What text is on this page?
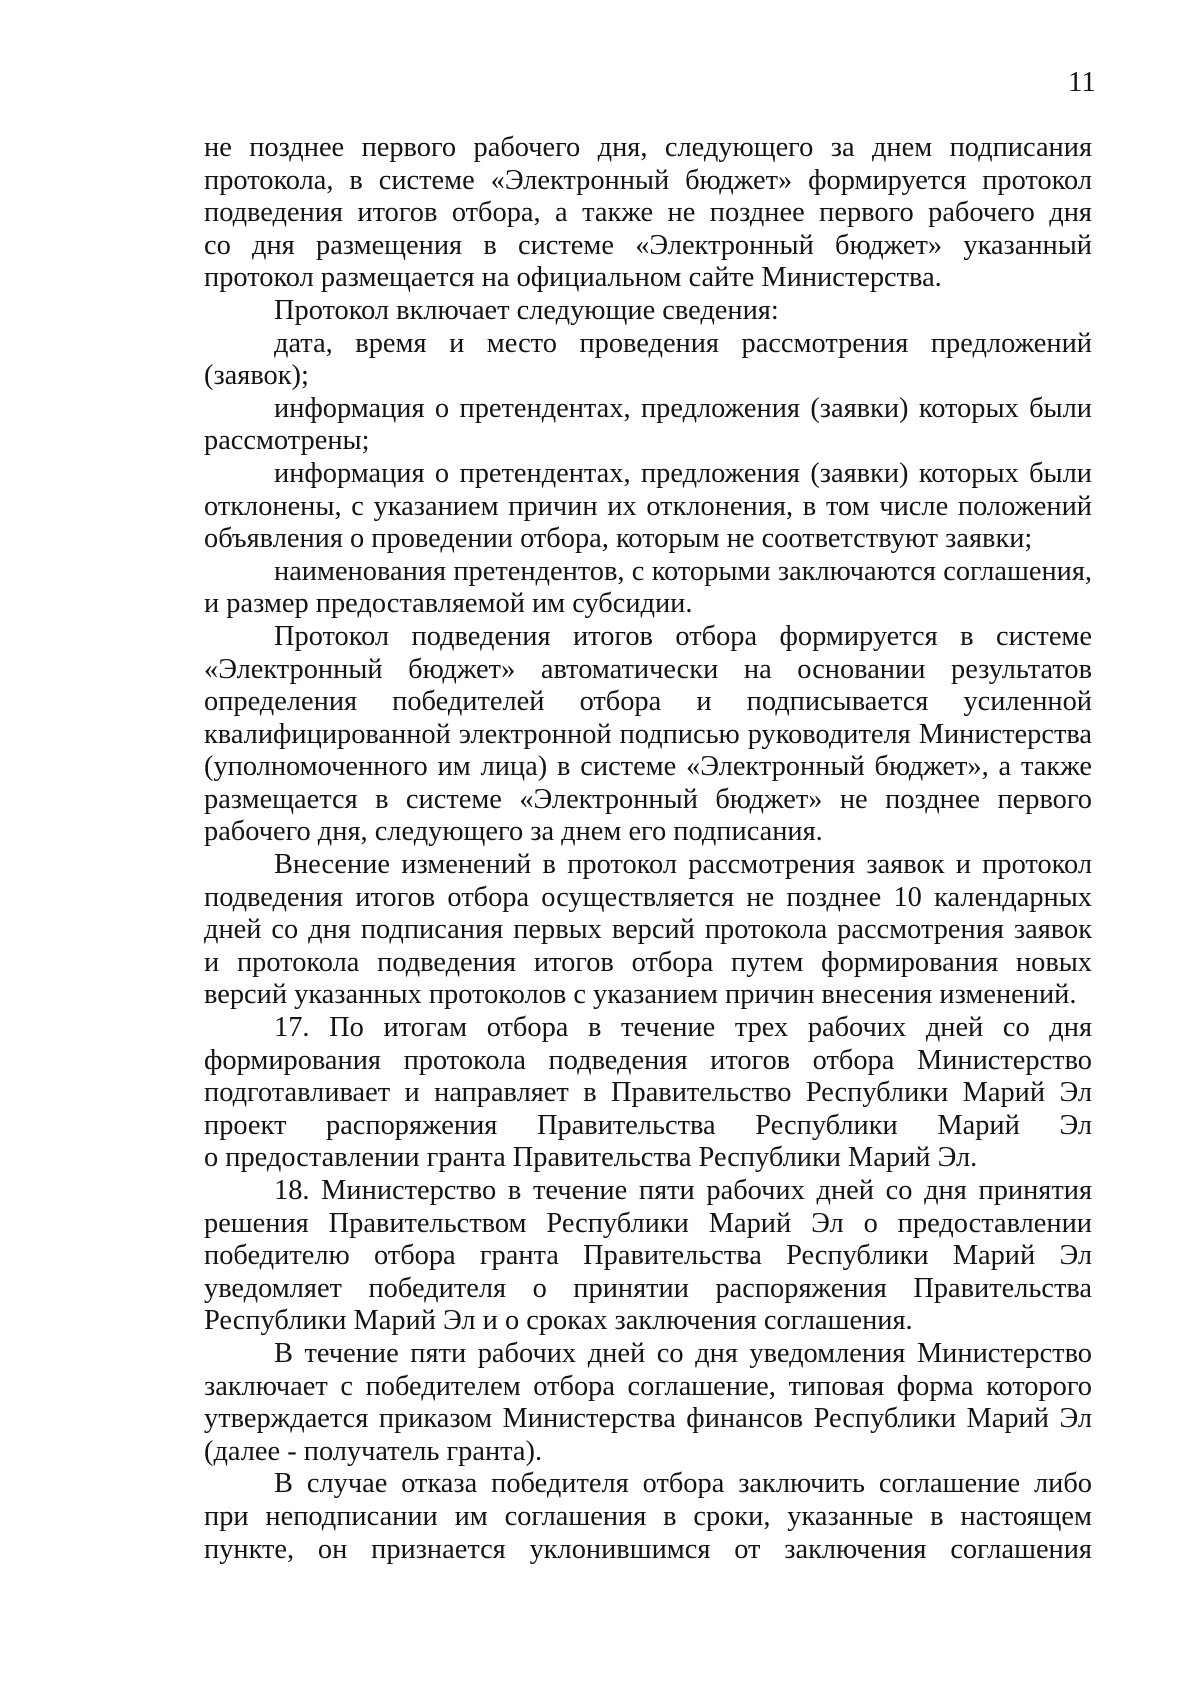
11
не позднее первого рабочего дня, следующего за днем подписания
протокола, в системе «Электронный бюджет» формируется протокол
подведения итогов отбора, а также не позднее первого рабочего дня
со дня размещения в системе «Электронный бюджет» указанный
протокол размещается на официальном сайте Министерства.
Протокол включает следующие сведения:
дата, время и место проведения рассмотрения предложений
(заявок);
информация о претендентах, предложения (заявки) которых были
рассмотрены;
информация о претендентах, предложения (заявки) которых были
отклонены, с указанием причин их отклонения, в том числе положений
объявления о проведении отбора, которым не соответствуют заявки;
наименования претендентов, с которыми заключаются соглашения,
и размер предоставляемой им субсидии.
Протокол подведения итогов отбора формируется в системе
«Электронный бюджет» автоматически на основании результатов
определения победителей отбора и подписывается усиленной
квалифицированной электронной подписью руководителя Министерства
(уполномоченного им лица) в системе «Электронный бюджет», а также
размещается в системе «Электронный бюджет» не позднее первого
рабочего дня, следующего за днем его подписания.
Внесение изменений в протокол рассмотрения заявок и протокол
подведения итогов отбора осуществляется не позднее 10 календарных
дней со дня подписания первых версий протокола рассмотрения заявок
и протокола подведения итогов отбора путем формирования новых
версий указанных протоколов с указанием причин внесения изменений.
17. По итогам отбора в течение трех рабочих дней со дня
формирования протокола подведения итогов отбора Министерство
подготавливает и направляет в Правительство Республики Марий Эл
проект распоряжения Правительства Республики Марий Эл
о предоставлении гранта Правительства Республики Марий Эл.
18. Министерство в течение пяти рабочих дней со дня принятия
решения Правительством Республики Марий Эл о предоставлении
победителю отбора гранта Правительства Республики Марий Эл
уведомляет победителя о принятии распоряжения Правительства
Республики Марий Эл и о сроках заключения соглашения.
В течение пяти рабочих дней со дня уведомления Министерство
заключает с победителем отбора соглашение, типовая форма которого
утверждается приказом Министерства финансов Республики Марий Эл
(далее - получатель гранта).
В случае отказа победителя отбора заключить соглашение либо
при неподписании им соглашения в сроки, указанные в настоящем
пункте, он признается уклонившимся от заключения соглашения
